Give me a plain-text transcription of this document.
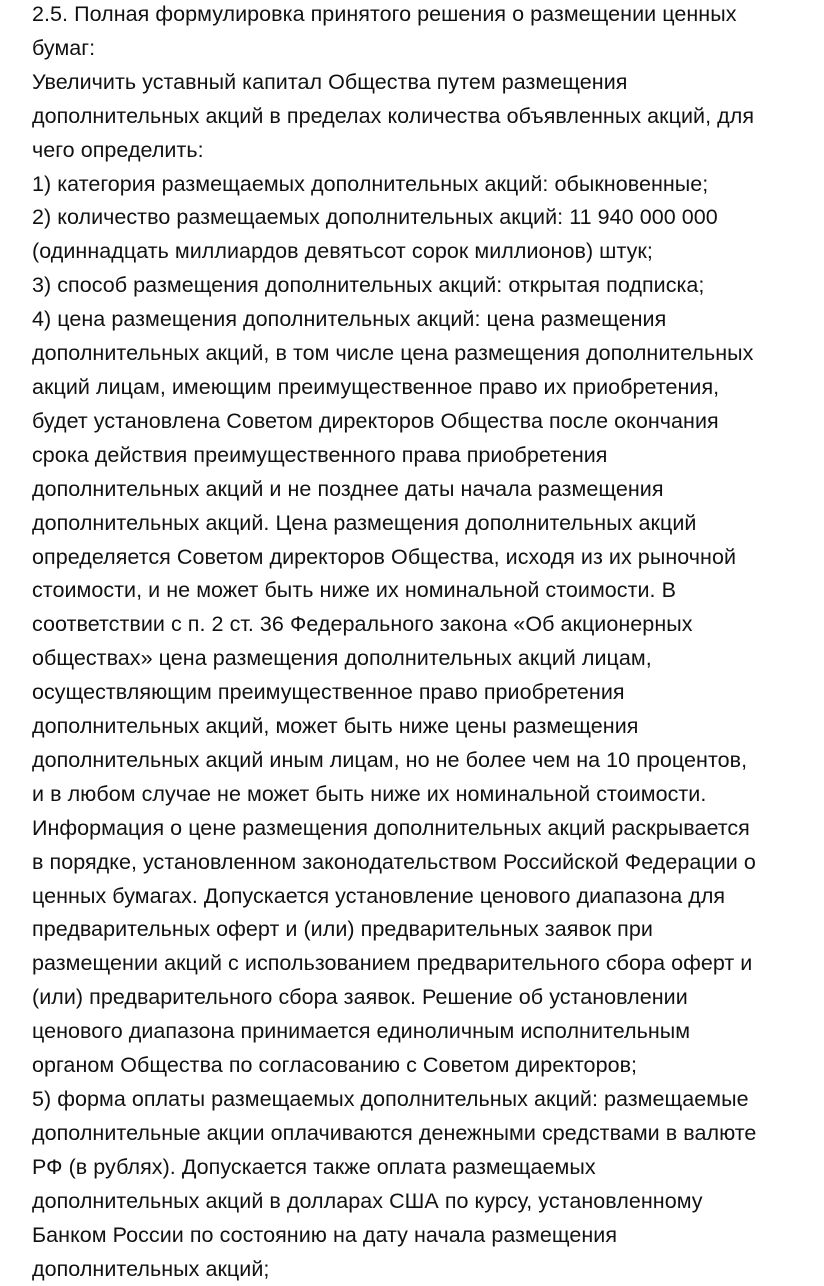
2.5. Полная формулировка принятого решения о размещении ценных
бумаг:
Увеличить уставный капитал Общества путем размещения
дополнительных акций в пределах количества объявленных акций, для
чего определить:
1) категория размещаемых дополнительных акций: обыкновенные;
2) количество размещаемых дополнительных акций: 11 940 000 000
(одиннадцать миллиардов девятьсот сорок миллионов) штук;
3) способ размещения дополнительных акций: открытая подписка;
4) цена размещения дополнительных акций: цена размещения
дополнительных акций, в том числе цена размещения дополнительных
акций лицам, имеющим преимущественное право их приобретения,
будет установлена Советом директоров Общества после окончания
срока действия преимущественного права приобретения
дополнительных акций и не позднее даты начала размещения
дополнительных акций. Цена размещения дополнительных акций
определяется Советом директоров Общества, исходя из их рыночной
стоимости, и не может быть ниже их номинальной стоимости. В
соответствии с п. 2 ст. 36 Федерального закона «Об акционерных
обществах» цена размещения дополнительных акций лицам,
осуществляющим преимущественное право приобретения
дополнительных акций, может быть ниже цены размещения
дополнительных акций иным лицам, но не более чем на 10 процентов,
и в любом случае не может быть ниже их номинальной стоимости.
Информация о цене размещения дополнительных акций раскрывается
в порядке, установленном законодательством Российской Федерации о
ценных бумагах. Допускается установление ценового диапазона для
предварительных оферт и (или) предварительных заявок при
размещении акций с использованием предварительного сбора оферт и
(или) предварительного сбора заявок. Решение об установлении
ценового диапазона принимается единоличным исполнительным
органом Общества по согласованию с Советом директоров;
5) форма оплаты размещаемых дополнительных акций: размещаемые
дополнительные акции оплачиваются денежными средствами в валюте
РФ (в рублях). Допускается также оплата размещаемых
дополнительных акций в долларах США по курсу, установленному
Банком России по состоянию на дату начала размещения
дополнительных акций;
